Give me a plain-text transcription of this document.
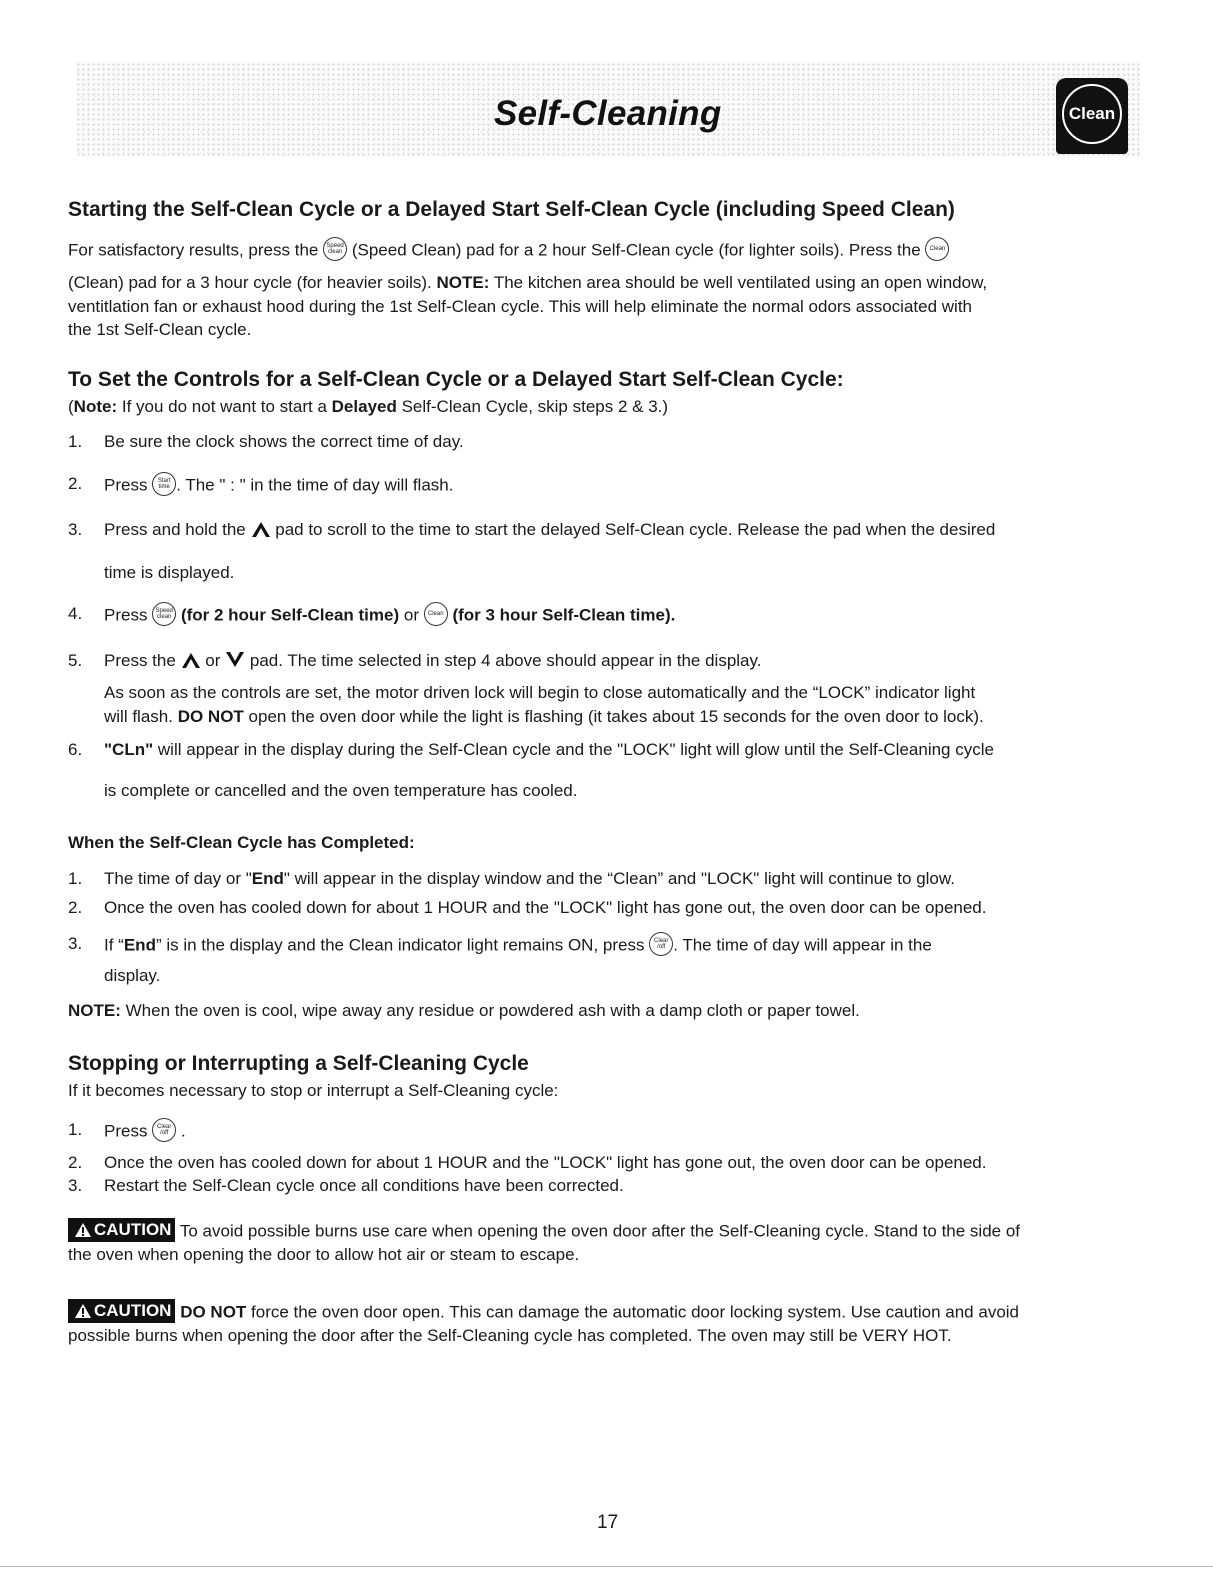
Self-Cleaning	Clean
Starting the Self-Clean Cycle or a Delayed Start Self-Clean Cycle (including Speed Clean)
For satisfactory results, press the Speed clean (Speed Clean) pad for a 2 hour Self-Clean cycle (for lighter soils). Press the Clean
(Clean) pad for a 3 hour cycle (for heavier soils). NOTE: The kitchen area should be well ventilated using an open window,
ventitlation fan or exhaust hood during the 1st Self-Clean cycle. This will help eliminate the normal odors associated with
the 1st Self-Clean cycle.
To Set the Controls for a Self-Clean Cycle or a Delayed Start Self-Clean Cycle:
(Note: If you do not want to start a Delayed Self-Clean Cycle, skip steps 2 & 3.)
1. Be sure the clock shows the correct time of day.
2. Press Start time . The " : " in the time of day will flash.
3. Press and hold the pad to scroll to the time to start the delayed Self-Clean cycle. Release the pad when the desired
time is displayed.
4. Press Speed clean (for 2 hour Self-Clean time) or Clean (for 3 hour Self-Clean time).
5. Press the or pad. The time selected in step 4 above should appear in the display.
As soon as the controls are set, the motor driven lock will begin to close automatically and the “LOCK” indicator light
will flash. DO NOT open the oven door while the light is flashing (it takes about 15 seconds for the oven door to lock).
6. "CLn" will appear in the display during the Self-Clean cycle and the "LOCK" light will glow until the Self-Cleaning cycle
is complete or cancelled and the oven temperature has cooled.
When the Self-Clean Cycle has Completed:
1. The time of day or "End" will appear in the display window and the “Clean” and "LOCK" light will continue to glow.
2. Once the oven has cooled down for about 1 HOUR and the "LOCK" light has gone out, the oven door can be opened.
3. If “End” is in the display and the Clean indicator light remains ON, press Clear /off . The time of day will appear in the
display.
NOTE: When the oven is cool, wipe away any residue or powdered ash with a damp cloth or paper towel.
Stopping or Interrupting a Self-Cleaning Cycle
If it becomes necessary to stop or interrupt a Self-Cleaning cycle:
1. Press Clear /off .
2. Once the oven has cooled down for about 1 HOUR and the "LOCK" light has gone out, the oven door can be opened.
3. Restart the Self-Clean cycle once all conditions have been corrected.
CAUTION To avoid possible burns use care when opening the oven door after the Self-Cleaning cycle. Stand to the side of
the oven when opening the door to allow hot air or steam to escape.
CAUTION DO NOT force the oven door open. This can damage the automatic door locking system. Use caution and avoid
possible burns when opening the door after the Self-Cleaning cycle has completed. The oven may still be VERY HOT.
17
